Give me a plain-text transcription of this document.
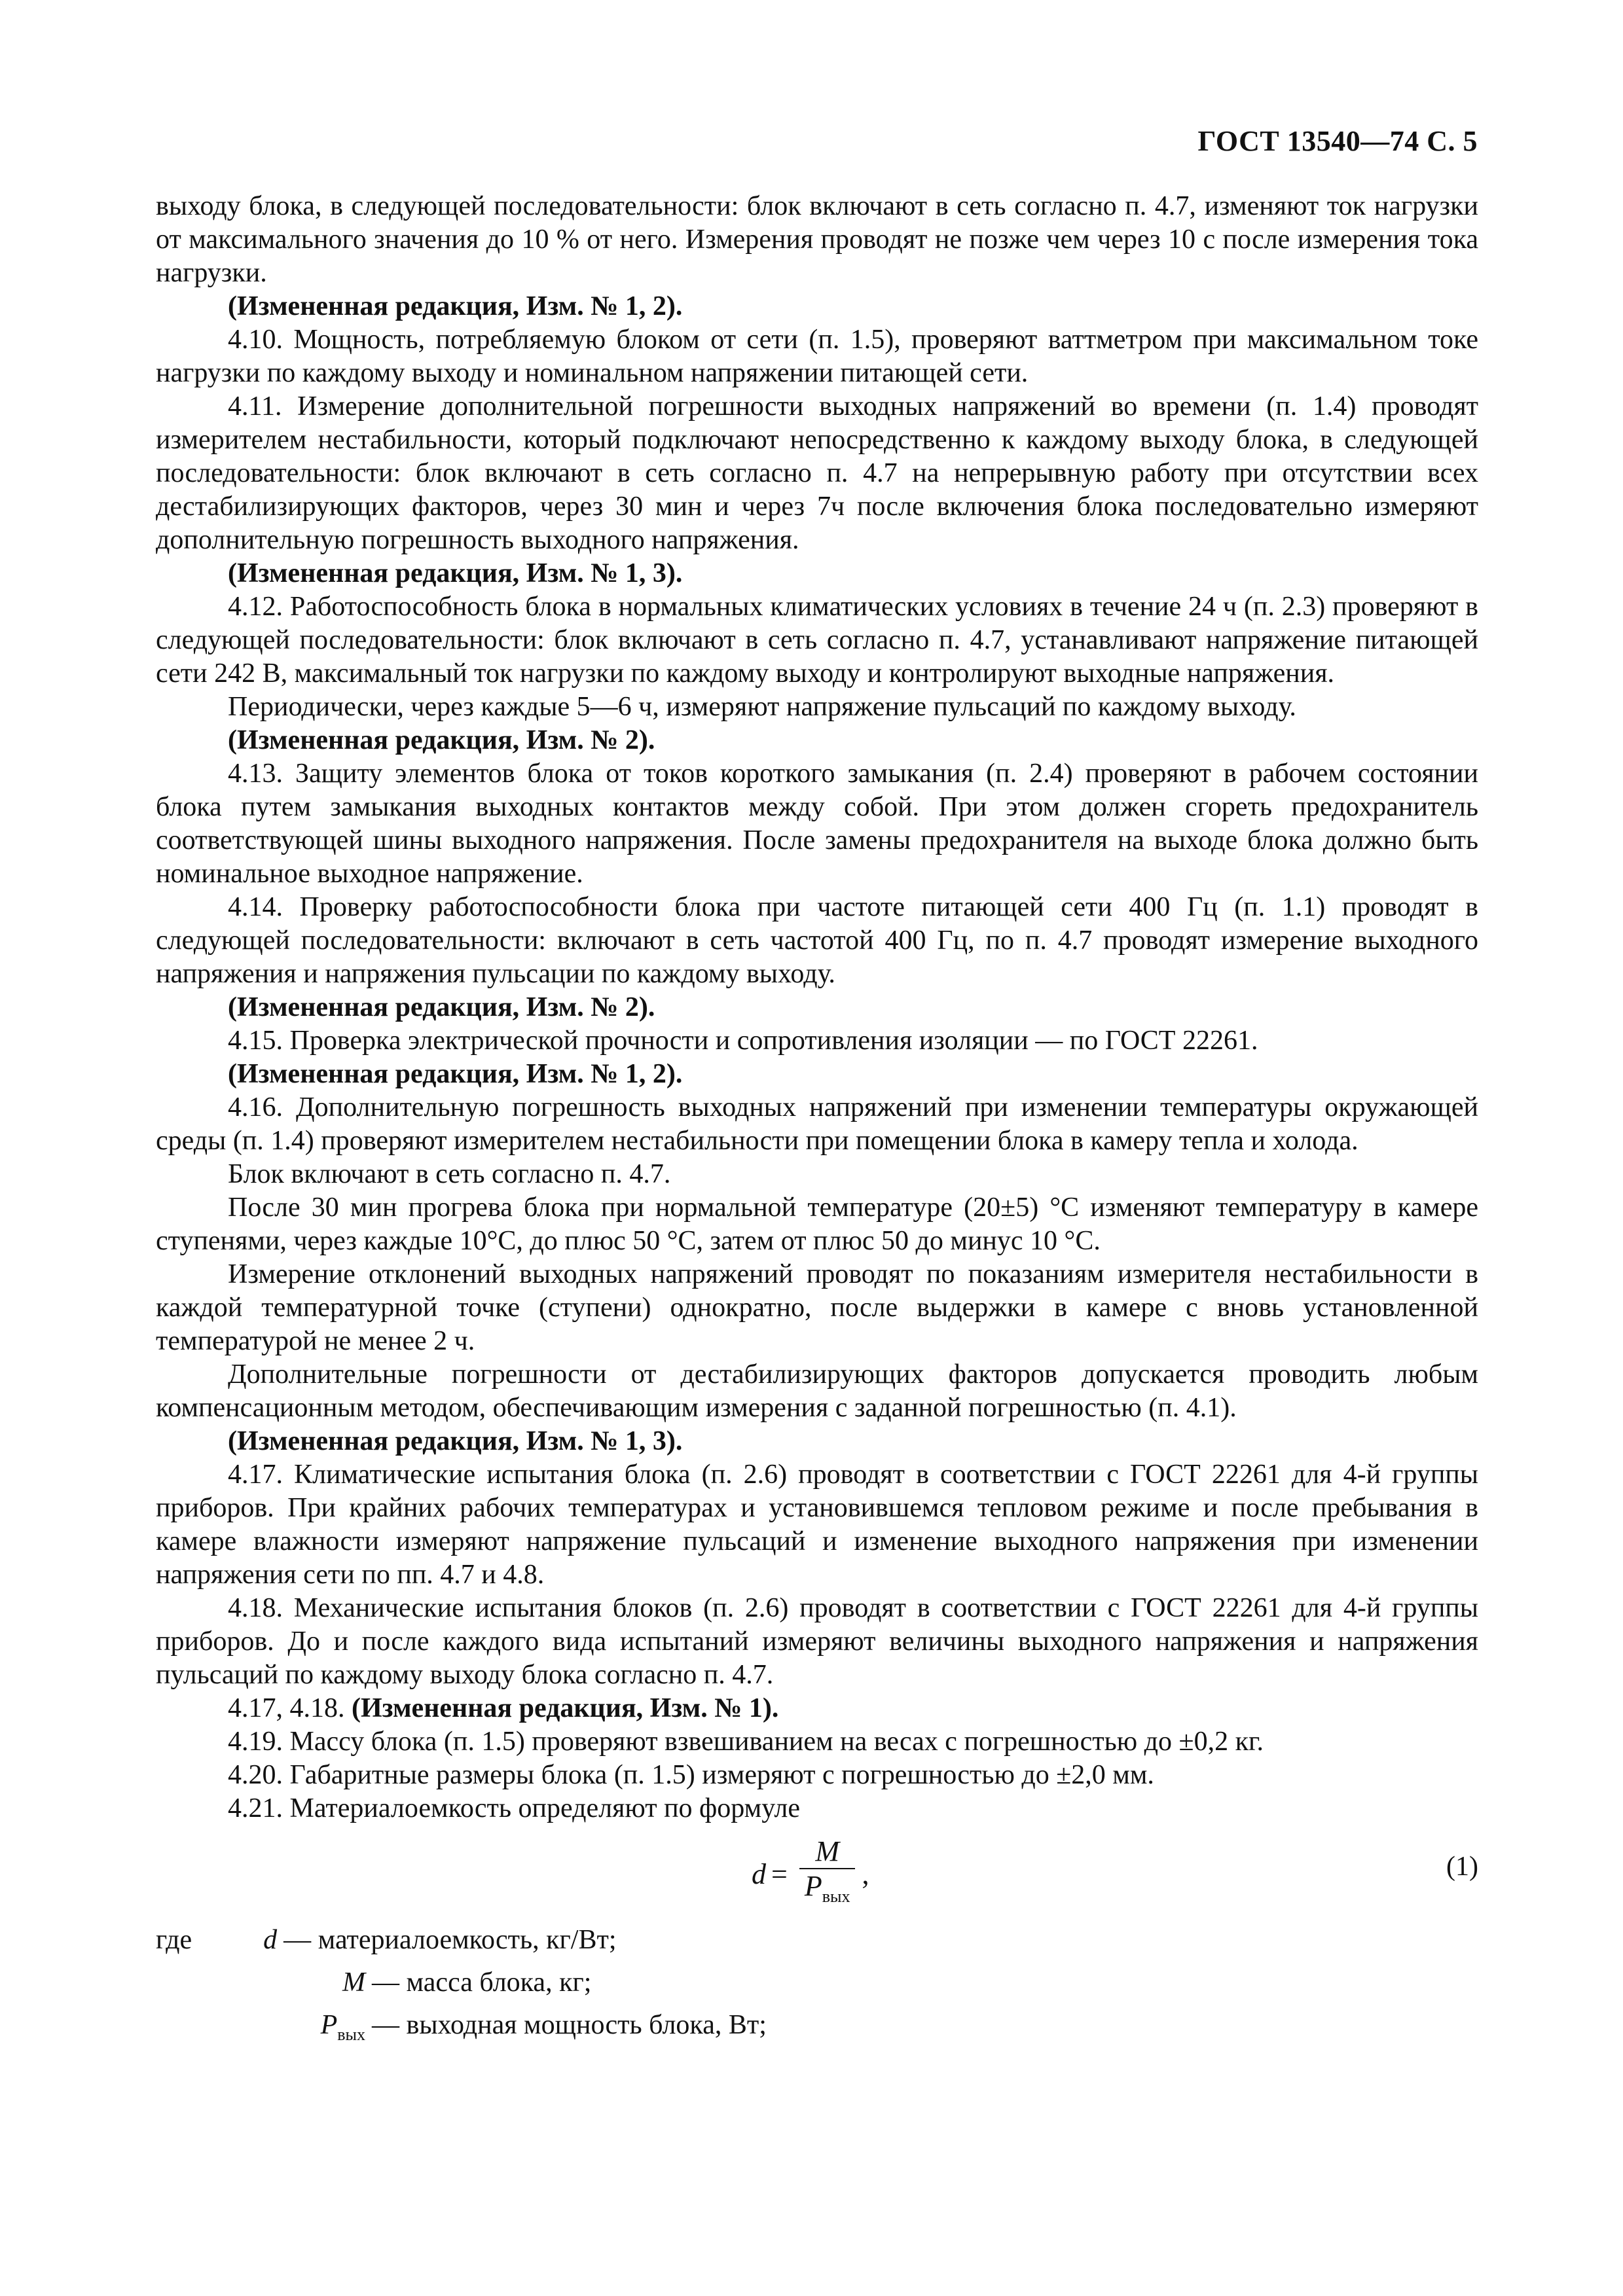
ГОСТ 13540—74 С. 5

выходу блока, в следующей последовательности: блок включают в сеть согласно п. 4.7, изменяют ток нагрузки от максимального значения до 10 % от него. Измерения проводят не позже чем через 10 с после измерения тока нагрузки.

(Измененная редакция, Изм. № 1, 2).

4.10. Мощность, потребляемую блоком от сети (п. 1.5), проверяют ваттметром при максимальном токе нагрузки по каждому выходу и номинальном напряжении питающей сети.

4.11. Измерение дополнительной погрешности выходных напряжений во времени (п. 1.4) проводят измерителем нестабильности, который подключают непосредственно к каждому выходу блока, в следующей последовательности: блок включают в сеть согласно п. 4.7 на непрерывную работу при отсутствии всех дестабилизирующих факторов, через 30 мин и через 7ч после включения блока последовательно измеряют дополнительную погрешность выходного напряжения.

(Измененная редакция, Изм. № 1, 3).

4.12. Работоспособность блока в нормальных климатических условиях в течение 24 ч (п. 2.3) проверяют в следующей последовательности: блок включают в сеть согласно п. 4.7, устанавливают напряжение питающей сети 242 В, максимальный ток нагрузки по каждому выходу и контролируют выходные напряжения.

Периодически, через каждые 5—6 ч, измеряют напряжение пульсаций по каждому выходу.

(Измененная редакция, Изм. № 2).

4.13. Защиту элементов блока от токов короткого замыкания (п. 2.4) проверяют в рабочем состоянии блока путем замыкания выходных контактов между собой. При этом должен сгореть предохранитель соответствующей шины выходного напряжения. После замены предохранителя на выходе блока должно быть номинальное выходное напряжение.

4.14. Проверку работоспособности блока при частоте питающей сети 400 Гц (п. 1.1) проводят в следующей последовательности: включают в сеть частотой 400 Гц, по п. 4.7 проводят измерение выходного напряжения и напряжения пульсации по каждому выходу.

(Измененная редакция, Изм. № 2).

4.15. Проверка электрической прочности и сопротивления изоляции — по ГОСТ 22261.

(Измененная редакция, Изм. № 1, 2).

4.16. Дополнительную погрешность выходных напряжений при изменении температуры окружающей среды (п. 1.4) проверяют измерителем нестабильности при помещении блока в камеру тепла и холода.

Блок включают в сеть согласно п. 4.7.

После 30 мин прогрева блока при нормальной температуре (20±5) °С изменяют температуру в камере ступенями, через каждые 10°С, до плюс 50 °С, затем от плюс 50 до минус 10 °С.

Измерение отклонений выходных напряжений проводят по показаниям измерителя нестабильности в каждой температурной точке (ступени) однократно, после выдержки в камере с вновь установленной температурой не менее 2 ч.

Дополнительные погрешности от дестабилизирующих факторов допускается проводить любым компенсационным методом, обеспечивающим измерения с заданной погрешностью (п. 4.1).

(Измененная редакция, Изм. № 1, 3).

4.17. Климатические испытания блока (п. 2.6) проводят в соответствии с ГОСТ 22261 для 4-й группы приборов. При крайних рабочих температурах и установившемся тепловом режиме и после пребывания в камере влажности измеряют напряжение пульсаций и изменение выходного напряжения при изменении напряжения сети по пп. 4.7 и 4.8.

4.18. Механические испытания блоков (п. 2.6) проводят в соответствии с ГОСТ 22261 для 4-й группы приборов. До и после каждого вида испытаний измеряют величины выходного напряжения и напряжения пульсаций по каждому выходу блока согласно п. 4.7.

4.17, 4.18. (Измененная редакция, Изм. № 1).

4.19. Массу блока (п. 1.5) проверяют взвешиванием на весах с погрешностью до ±0,2 кг.

4.20. Габаритные размеры блока (п. 1.5) измеряют с погрешностью до ±2,0 мм.

4.21. Материалоемкость определяют по формуле

$d = \frac{M}{P_{вых}}$ ,	(1)
где	d — материалоемкость, кг/Вт;
M — масса блока, кг;
$P_{вых}$ — выходная мощность блока, Вт;
